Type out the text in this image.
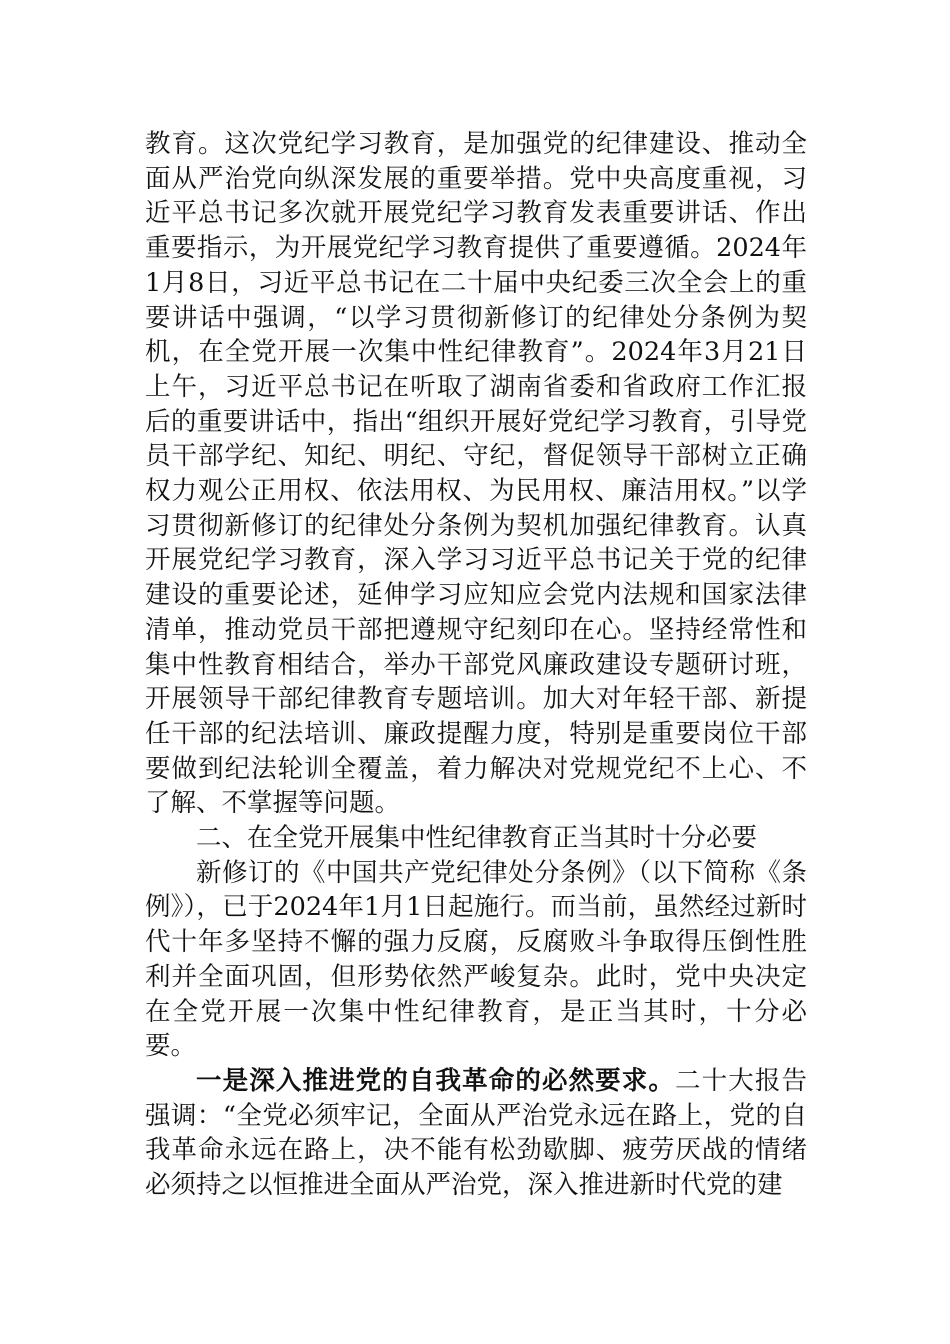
教育。这次党纪学习教育，是加强党的纪律建设、推动全面从严治党向纵深发展的重要举措。党中央高度重视，习近平总书记多次就开展党纪学习教育发表重要讲话、作出重要指示，为开展党纪学习教育提供了重要遵循。2024年1月8日，习近平总书记在二十届中央纪委三次全会上的重要讲话中强调，“以学习贯彻新修订的纪律处分条例为契机，在全党开展一次集中性纪律教育”。2024年3月21日上午，习近平总书记在听取了湖南省委和省政府工作汇报后的重要讲话中，指出“组织开展好党纪学习教育，引导党员干部学纪、知纪、明纪、守纪，督促领导干部树立正确权力观公正用权、依法用权、为民用权、廉洁用权。”以学习贯彻新修订的纪律处分条例为契机加强纪律教育。认真开展党纪学习教育，深入学习习近平总书记关于党的纪律建设的重要论述，延伸学习应知应会党内法规和国家法律清单，推动党员干部把遵规守纪刻印在心。坚持经常性和集中性教育相结合，举办干部党风廉政建设专题研讨班，开展领导干部纪律教育专题培训。加大对年轻干部、新提任干部的纪法培训、廉政提醒力度，特别是重要岗位干部要做到纪法轮训全覆盖，着力解决对党规党纪不上心、不了解、不掌握等问题。

二、在全党开展集中性纪律教育正当其时十分必要

新修订的《中国共产党纪律处分条例》（以下简称《条例》），已于2024年1月1日起施行。而当前，虽然经过新时代十年多坚持不懈的强力反腐，反腐败斗争取得压倒性胜利并全面巩固，但形势依然严峻复杂。此时，党中央决定在全党开展一次集中性纪律教育，是正当其时，十分必要。

一是深入推进党的自我革命的必然要求。二十大报告强调：“全党必须牢记，全面从严治党永远在路上，党的自我革命永远在路上，决不能有松劲歇脚、疲劳厌战的情绪必须持之以恒推进全面从严治党，深入推进新时代党的建
